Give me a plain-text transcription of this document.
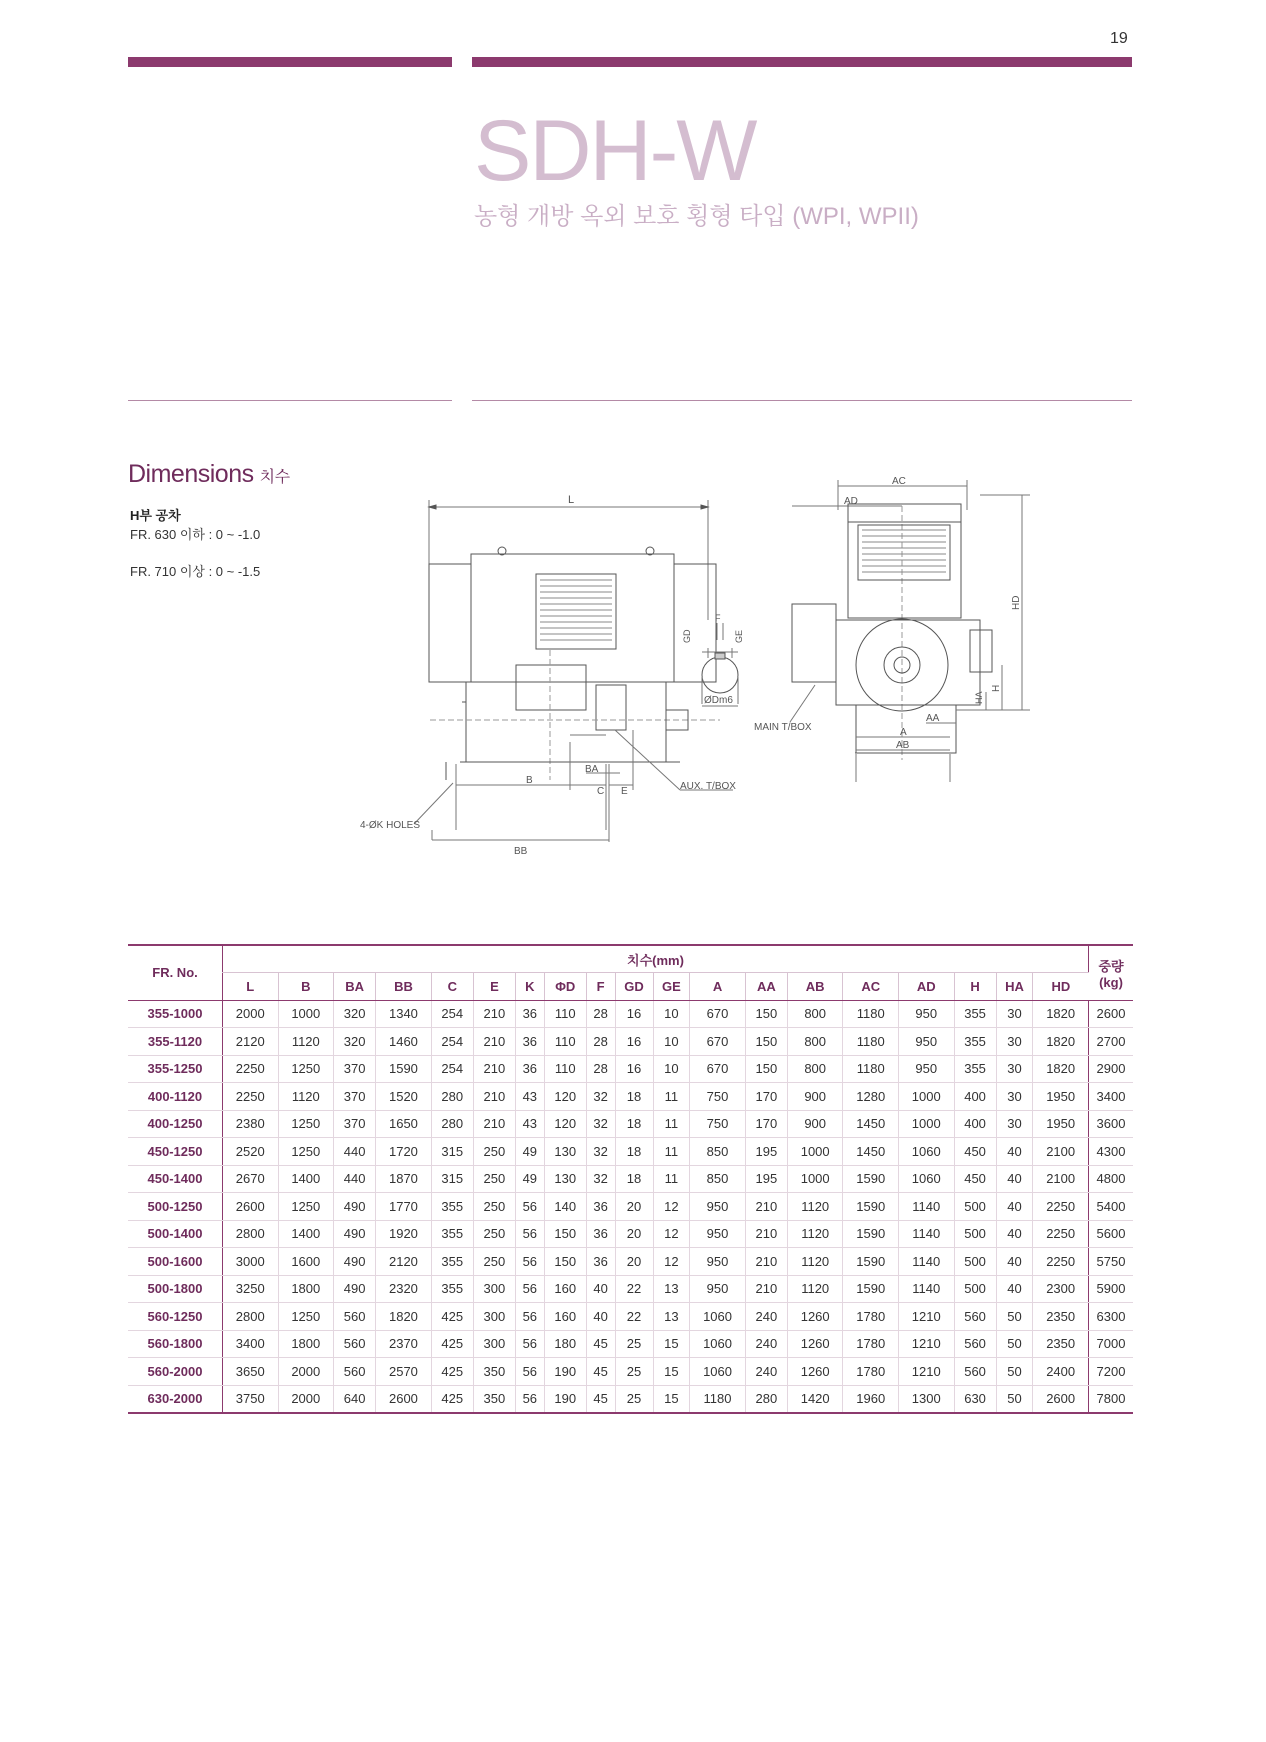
19
SDH-W
농형 개방 옥외 보호 횡형 타입 (WPI, WPII)
Dimensions 치수
H부 공차
FR. 630 이하 : 0 ~ -1.0
FR. 710 이상 : 0 ~ -1.5
L
4-ØK HOLES
B
BB
BA
C E	AUX. T/BOX
F
GD	GE
ØDm6
AC
AD
MAIN T/BOX
HD
H
HA
AA
A
AB
FR. No.	치수(mm)																			중량
(kg)
	L	B	BA	BB	C	E	K	ΦD	F	GD	GE	A	AA	AB	AC	AD	H	HA	HD	
355-1000	2000	1000	320	1340	254	210	36	110	28	16	10	670	150	800	1180	950	355	30	1820	2600
355-1120	2120	1120	320	1460	254	210	36	110	28	16	10	670	150	800	1180	950	355	30	1820	2700
355-1250	2250	1250	370	1590	254	210	36	110	28	16	10	670	150	800	1180	950	355	30	1820	2900
400-1120	2250	1120	370	1520	280	210	43	120	32	18	11	750	170	900	1280	1000	400	30	1950	3400
400-1250	2380	1250	370	1650	280	210	43	120	32	18	11	750	170	900	1450	1000	400	30	1950	3600
450-1250	2520	1250	440	1720	315	250	49	130	32	18	11	850	195	1000	1450	1060	450	40	2100	4300
450-1400	2670	1400	440	1870	315	250	49	130	32	18	11	850	195	1000	1590	1060	450	40	2100	4800
500-1250	2600	1250	490	1770	355	250	56	140	36	20	12	950	210	1120	1590	1140	500	40	2250	5400
500-1400	2800	1400	490	1920	355	250	56	150	36	20	12	950	210	1120	1590	1140	500	40	2250	5600
500-1600	3000	1600	490	2120	355	250	56	150	36	20	12	950	210	1120	1590	1140	500	40	2250	5750
500-1800	3250	1800	490	2320	355	300	56	160	40	22	13	950	210	1120	1590	1140	500	40	2300	5900
560-1250	2800	1250	560	1820	425	300	56	160	40	22	13	1060	240	1260	1780	1210	560	50	2350	6300
560-1800	3400	1800	560	2370	425	300	56	180	45	25	15	1060	240	1260	1780	1210	560	50	2350	7000
560-2000	3650	2000	560	2570	425	350	56	190	45	25	15	1060	240	1260	1780	1210	560	50	2400	7200
630-2000	3750	2000	640	2600	425	350	56	190	45	25	15	1180	280	1420	1960	1300	630	50	2600	7800
